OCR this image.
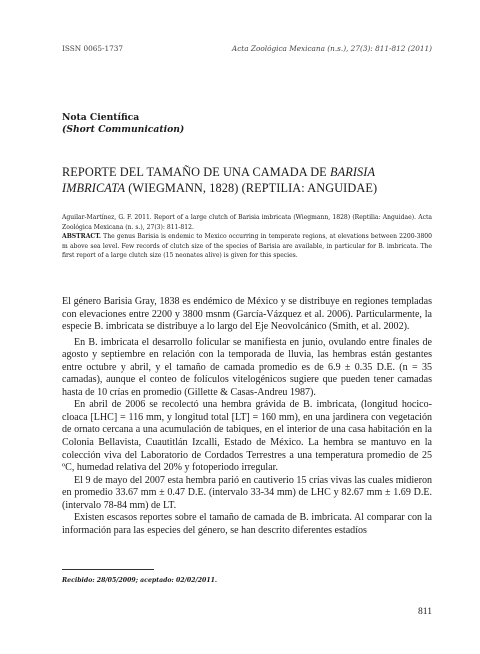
ISSN 0065-1737	Acta Zoológica Mexicana (n.s.), 27(3): 811-812 (2011)
Nota Científica
(Short Communication)
REPORTE DEL TAMAÑO DE UNA CAMADA DE BARISIA IMBRICATA (WIEGMANN, 1828) (REPTILIA: ANGUIDAE)
Aguilar-Martínez, G. F. 2011. Report of a large clutch of Barisia imbricata (Wiegmann, 1828) (Reptilia: Anguidae). Acta Zoológica Mexicana (n. s.), 27(3): 811-812.
ABSTRACT. The genus Barisia is endemic to Mexico occurring in temperate regions, at elevations between 2200-3800 m above sea level. Few records of clutch size of the species of Barisia are available, in particular for B. imbricata. The first report of a large clutch size (15 neonates alive) is given for this species.

El género Barisia Gray, 1838 es endémico de México y se distribuye en regiones templadas con elevaciones entre 2200 y 3800 msnm (García-Vázquez et al. 2006). Particularmente, la especie B. imbricata se distribuye a lo largo del Eje Neovolcánico (Smith, et al. 2002).

En B. imbricata el desarrollo folicular se manifiesta en junio, ovulando entre finales de agosto y septiembre en relación con la temporada de lluvia, las hembras están gestantes entre octubre y abril, y el tamaño de camada promedio es de 6.9 ± 0.35 D.E. (n = 35 camadas), aunque el conteo de folículos vitelogénicos sugiere que pueden tener camadas hasta de 10 crías en promedio (Gillette & Casas-Andreu 1987).

En abril de 2006 se recolectó una hembra grávida de B. imbricata, (longitud hocico-cloaca [LHC] = 116 mm, y longitud total [LT] = 160 mm), en una jardinera con vegetación de ornato cercana a una acumulación de tabiques, en el interior de una casa habitación en la Colonia Bellavista, Cuautitlán Izcalli, Estado de México. La hembra se mantuvo en la colección viva del Laboratorio de Cordados Terrestres a una temperatura promedio de 25 ºC, humedad relativa del 20% y fotoperiodo irregular.

El 9 de mayo del 2007 esta hembra parió en cautiverio 15 crías vivas las cuales midieron en promedio 33.67 mm ± 0.47 D.E. (intervalo 33-34 mm) de LHC y 82.67 mm ± 1.69 D.E. (intervalo 78-84 mm) de LT.

Existen escasos reportes sobre el tamaño de camada de B. imbricata. Al comparar con la información para las especies del género, se han descrito diferentes estadíos

Recibido: 28/05/2009; aceptado: 02/02/2011.
811
